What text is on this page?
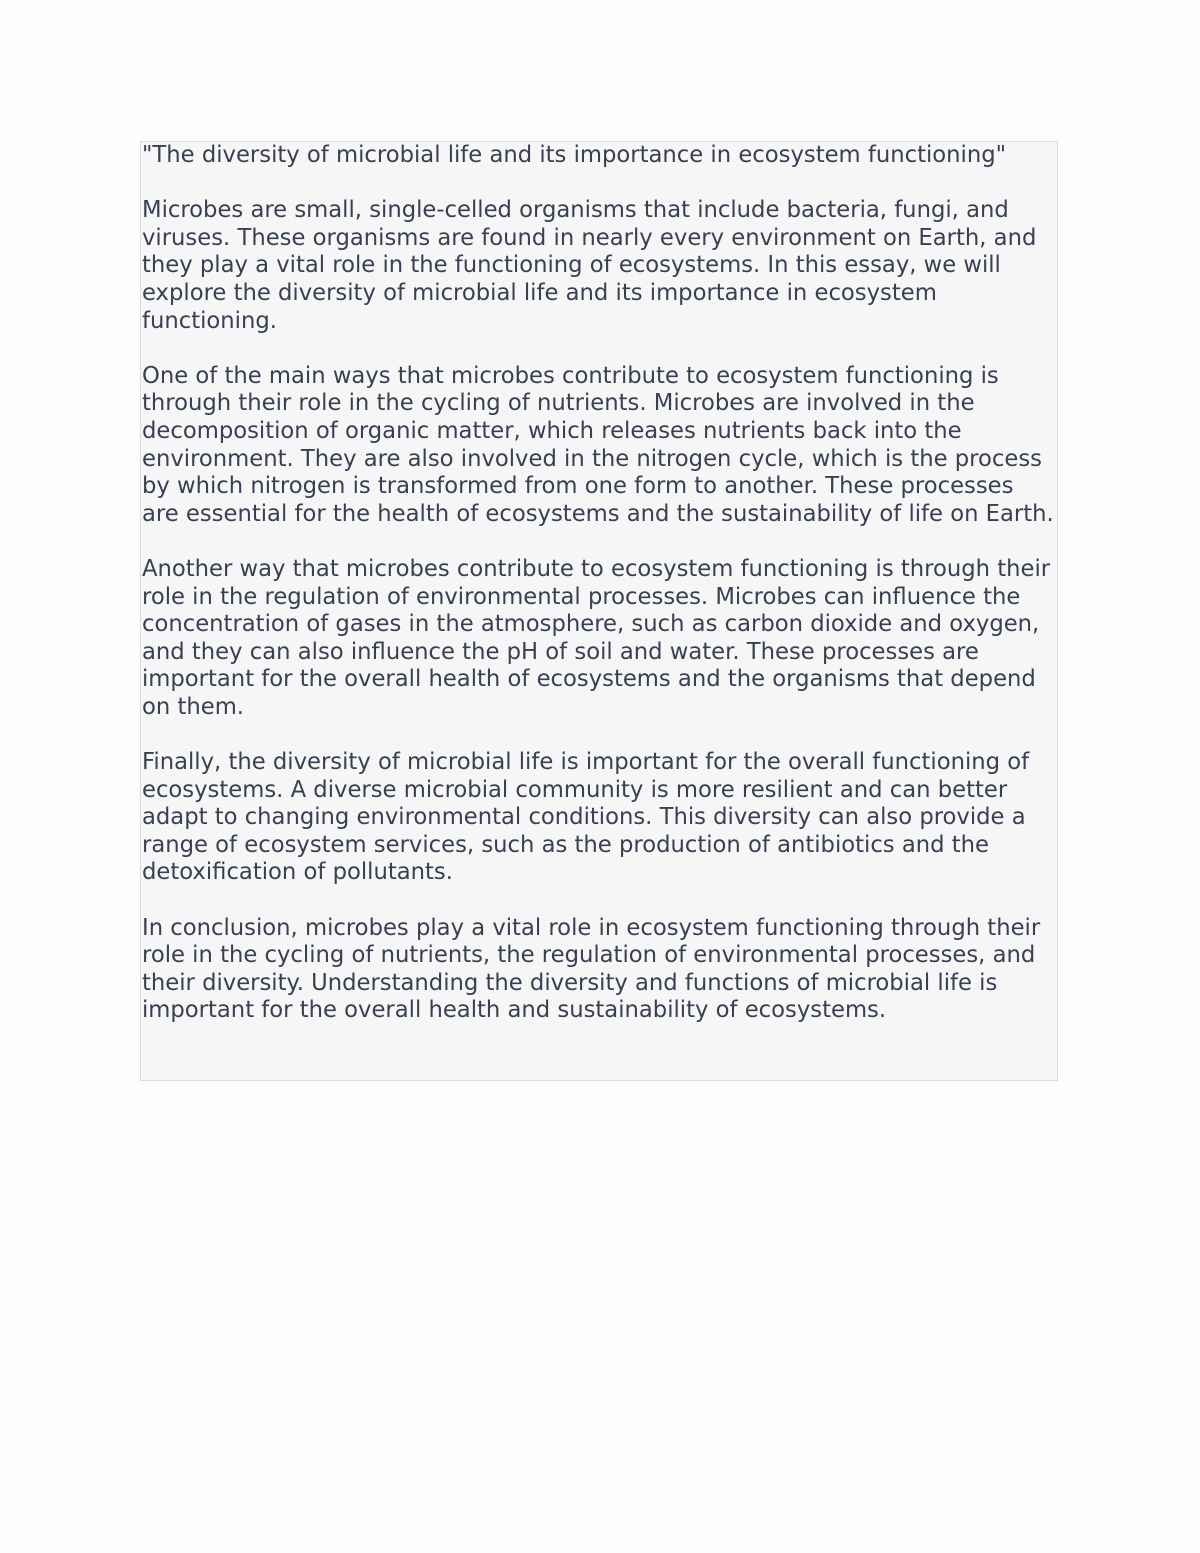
"The diversity of microbial life and its importance in ecosystem functioning"

Microbes are small, single-celled organisms that include bacteria, fungi, and viruses. These organisms are found in nearly every environment on Earth, and they play a vital role in the functioning of ecosystems. In this essay, we will explore the diversity of microbial life and its importance in ecosystem functioning.

One of the main ways that microbes contribute to ecosystem functioning is through their role in the cycling of nutrients. Microbes are involved in the decomposition of organic matter, which releases nutrients back into the environment. They are also involved in the nitrogen cycle, which is the process by which nitrogen is transformed from one form to another. These processes are essential for the health of ecosystems and the sustainability of life on Earth.

Another way that microbes contribute to ecosystem functioning is through their role in the regulation of environmental processes. Microbes can influence the concentration of gases in the atmosphere, such as carbon dioxide and oxygen, and they can also influence the pH of soil and water. These processes are important for the overall health of ecosystems and the organisms that depend on them.

Finally, the diversity of microbial life is important for the overall functioning of ecosystems. A diverse microbial community is more resilient and can better adapt to changing environmental conditions. This diversity can also provide a range of ecosystem services, such as the production of antibiotics and the detoxification of pollutants.

In conclusion, microbes play a vital role in ecosystem functioning through their role in the cycling of nutrients, the regulation of environmental processes, and their diversity. Understanding the diversity and functions of microbial life is important for the overall health and sustainability of ecosystems.
